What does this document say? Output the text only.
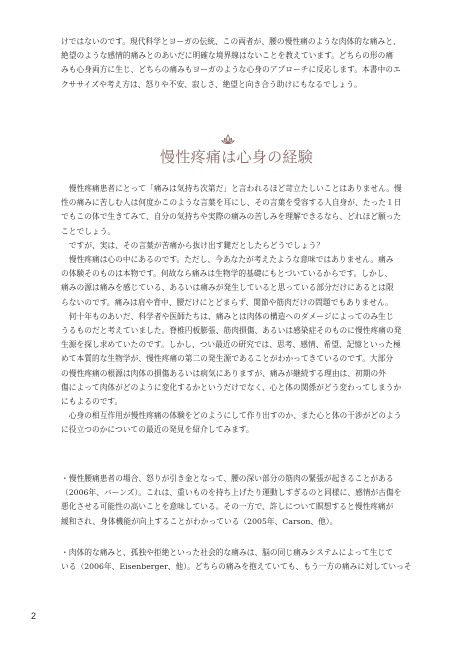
けではないのです。現代科学とヨーガの伝統、この両者が、腰の慢性痛のような肉体的な痛みと、

絶望のような感情的痛みとのあいだに明確な境界線はないことを教えています。どちらの形の痛

みも心身両方に生じ、どちらの痛みもヨーガのような心身のアプローチに反応します。本書中のエ

クササイズや考え方は、怒りや不安、寂しさ、絶望と向き合う助けにもなるでしょう。

慢性疼痛は心身の経験

　慢性疼痛患者にとって「痛みは気持ち次第だ」と言われるほど苛立たしいことはありません。慢

性の痛みに苦しむ人は何度かこのような言葉を耳にし、その言葉を受容する人自身が、たった１日

でもこの体で生きてみて、自分の気持ちや実際の痛みの苦しみを理解できるなら、どれほど願った

ことでしょう。

　ですが、実は、その言葉が苦痛から抜け出す鍵だとしたらどうでしょう？

　慢性疼痛は心の中にあるのです。ただし、今あなたが考えたような意味ではありません。痛み

の体験そのものは本物です。何故なら痛みは生物学的基礎にもとづいているからです。しかし、

痛みの源は痛みを感じている、あるいは痛みが発生していると思っている部分だけにあるとは限

らないのです。痛みは肩や背中、腰だけにとどまらず、関節や筋肉だけの問題でもありません。

　何十年ものあいだ、科学者や医師たちは、痛みとは肉体の構造へのダメージによってのみ生じ

うるものだと考えていました。脊椎円板膨張、筋肉損傷、あるいは感染症そのものに慢性疼痛の発

生源を探し求めていたのです。しかし、つい最近の研究では、思考、感情、希望、記憶といった極

めて本質的な生物学が、慢性疼痛の第二の発生源であることがわかってきているのです。大部分

の慢性疼痛の根源は肉体の損傷あるいは病気にありますが、痛みが継続する理由は、初期の外

傷によって肉体がどのように変化するかというだけでなく、心と体の関係がどう変わってしまうか

にもよるのです。

　心身の相互作用が慢性疼痛の体験をどのようにして作り出すのか、また心と体の干渉がどのよう

に役立つのかについての最近の発見を紹介してみます。

・慢性腰痛患者の場合、怒りが引き金となって、腰の深い部分の筋肉の緊張が起きることがある

（2006年、バーンズ）。これは、重いものを持ち上げたり運動しすぎるのと同様に、感情が古傷を

悪化させる可能性の高いことを意味している。その一方で、許しについて瞑想すると慢性疼痛が

緩和され、身体機能が向上することがわかっている（2005年、Carson、他）。

・肉体的な痛みと、孤独や拒絶といった社会的な痛みは、脳の同じ痛みシステムによって生じて

いる（2006年、Eisenberger、他）。どちらの痛みを抱えていても、もう一方の痛みに対していっそ

2
